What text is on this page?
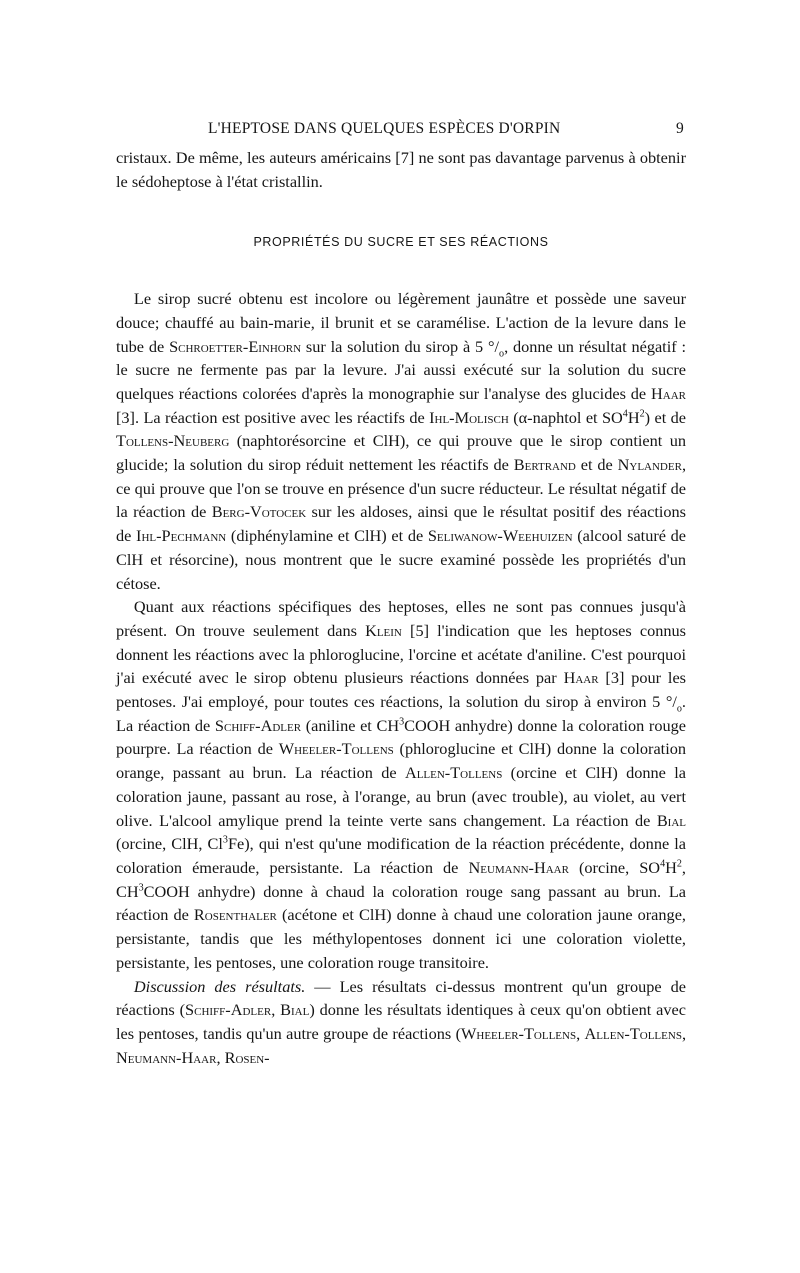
L'HEPTOSE DANS QUELQUES ESPÈCES D'ORPIN	9

cristaux. De même, les auteurs américains [7] ne sont pas davantage parvenus à obtenir le sédoheptose à l'état cristallin.

PROPRIÉTÉS DU SUCRE ET SES RÉACTIONS

Le sirop sucré obtenu est incolore ou légèrement jaunâtre et possède une saveur douce; chauffé au bain-marie, il brunit et se caramélise. L'action de la levure dans le tube de Schroetter-Einhorn sur la solution du sirop à 5 $^\circ/_o$, donne un résultat négatif : le sucre ne fermente pas par la levure. J'ai aussi exécuté sur la solution du sucre quelques réactions colorées d'après la monographie sur l'analyse des glucides de Haar [3]. La réaction est positive avec les réactifs de Ihl-Molisch (α-naphtol et $SO^4H^2$) et de Tollens-Neuberg (naphtorésorcine et ClH), ce qui prouve que le sirop contient un glucide; la solution du sirop réduit nettement les réactifs de Bertrand et de Nylander, ce qui prouve que l'on se trouve en présence d'un sucre réducteur. Le résultat négatif de la réaction de Berg-Votocek sur les aldoses, ainsi que le résultat positif des réactions de Ihl-Pechmann (diphénylamine et ClH) et de Seliwanow-Weehuizen (alcool saturé de ClH et résorcine), nous montrent que le sucre examiné possède les propriétés d'un cétose.

Quant aux réactions spécifiques des heptoses, elles ne sont pas connues jusqu'à présent. On trouve seulement dans Klein [5] l'indication que les heptoses connus donnent les réactions avec la phloroglucine, l'orcine et acétate d'aniline. C'est pourquoi j'ai exécuté avec le sirop obtenu plusieurs réactions données par Haar [3] pour les pentoses. J'ai employé, pour toutes ces réactions, la solution du sirop à environ 5 $^\circ/_o$. La réaction de Schiff-Adler (aniline et $CH^3COOH$ anhydre) donne la coloration rouge pourpre. La réaction de Wheeler-Tollens (phloroglucine et ClH) donne la coloration orange, passant au brun. La réaction de Allen-Tollens (orcine et ClH) donne la coloration jaune, passant au rose, à l'orange, au brun (avec trouble), au violet, au vert olive. L'alcool amylique prend la teinte verte sans changement. La réaction de Bial (orcine, ClH, Cl$^3$Fe), qui n'est qu'une modification de la réaction précédente, donne la coloration émeraude, persistante. La réaction de Neumann-Haar (orcine, $SO^4H^2$, $CH^3COOH$ anhydre) donne à chaud la coloration rouge sang passant au brun. La réaction de Rosenthaler (acétone et ClH) donne à chaud une coloration jaune orange, persistante, tandis que les méthylopentoses donnent ici une coloration violette, persistante, les pentoses, une coloration rouge transitoire.

Discussion des résultats. — Les résultats ci-dessus montrent qu'un groupe de réactions (Schiff-Adler, Bial) donne les résultats identiques à ceux qu'on obtient avec les pentoses, tandis qu'un autre groupe de réactions (Wheeler-Tollens, Allen-Tollens, Neumann-Haar, Rosen-
